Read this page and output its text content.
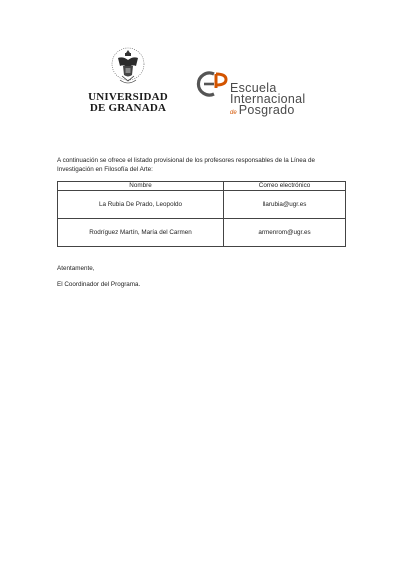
UNIVERSIDAD
DE GRANADA
Escuela
Internacional
de Posgrado
A continuación se ofrece el listado provisional de los profesores responsables de la Línea de Investigación en Filosofía del Arte:
Nombre	Correo electrónico
La Rubia De Prado, Leopoldo	llarubia@ugr.es
Rodríguez Martín, María del Carmen	armenrom@ugr.es
Atentamente,
El Coordinador del Programa.
